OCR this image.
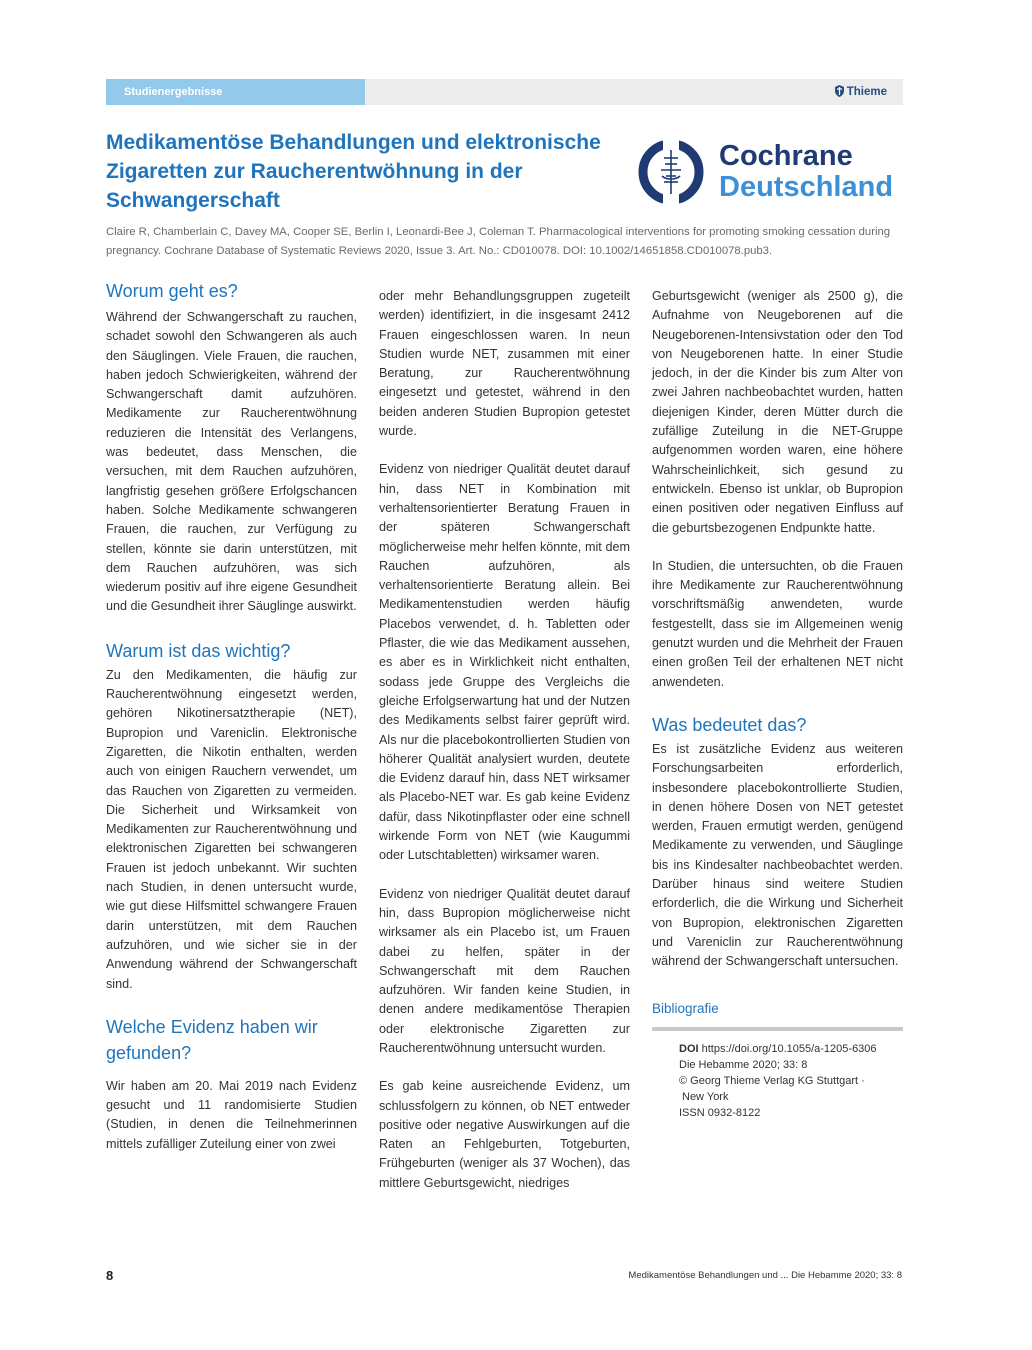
Studienergebnisse	Thieme
Medikamentöse Behandlungen und elektronische Zigaretten zur Raucherentwöhnung in der Schwangerschaft
Cochrane
Deutschland

Claire R, Chamberlain C, Davey MA, Cooper SE, Berlin I, Leonardi-Bee J, Coleman T. Pharmacological interventions for promoting smoking cessation during pregnancy. Cochrane Database of Systematic Reviews 2020, Issue 3. Art. No.: CD010078. DOI: 10.1002/14651858.CD010078.pub3.

Worum geht es?

Während der Schwangerschaft zu rauchen, schadet sowohl den Schwangeren als auch den Säuglingen. Viele Frauen, die rauchen, haben jedoch Schwierigkeiten, während der Schwangerschaft damit aufzuhören. Medikamente zur Raucherentwöhnung reduzieren die Intensität des Verlangens, was bedeutet, dass Menschen, die versuchen, mit dem Rauchen aufzuhören, langfristig gesehen größere Erfolgschancen haben. Solche Medikamente schwangeren Frauen, die rauchen, zur Verfügung zu stellen, könnte sie darin unterstützen, mit dem Rauchen aufzuhören, was sich wiederum positiv auf ihre eigene Gesundheit und die Gesundheit ihrer Säuglinge auswirkt.

Warum ist das wichtig?

Zu den Medikamenten, die häufig zur Raucherentwöhnung eingesetzt werden, gehören Nikotinersatztherapie (NET), Bupropion und Vareniclin. Elektronische Zigaretten, die Nikotin enthalten, werden auch von einigen Rauchern verwendet, um das Rauchen von Zigaretten zu vermeiden. Die Sicherheit und Wirksamkeit von Medikamenten zur Raucherentwöhnung und elektronischen Zigaretten bei schwangeren Frauen ist jedoch unbekannt. Wir suchten nach Studien, in denen untersucht wurde, wie gut diese Hilfsmittel schwangere Frauen darin unterstützen, mit dem Rauchen aufzuhören, und wie sicher sie in der Anwendung während der Schwangerschaft sind.

Welche Evidenz haben wir gefunden?

Wir haben am 20. Mai 2019 nach Evidenz gesucht und 11 randomisierte Studien (Studien, in denen die Teilnehmerinnen mittels zufälliger Zuteilung einer von zwei

oder mehr Behandlungsgruppen zugeteilt werden) identifiziert, in die insgesamt 2412 Frauen eingeschlossen waren. In neun Studien wurde NET, zusammen mit einer Beratung, zur Raucherentwöhnung eingesetzt und getestet, während in den beiden anderen Studien Bupropion getestet wurde.

Evidenz von niedriger Qualität deutet darauf hin, dass NET in Kombination mit verhaltensorientierter Beratung Frauen in der späteren Schwangerschaft möglicherweise mehr helfen könnte, mit dem Rauchen aufzuhören, als verhaltensorientierte Beratung allein. Bei Medikamentenstudien werden häufig Placebos verwendet, d. h. Tabletten oder Pflaster, die wie das Medikament aussehen, es aber es in Wirklichkeit nicht enthalten, sodass jede Gruppe des Vergleichs die gleiche Erfolgserwartung hat und der Nutzen des Medikaments selbst fairer geprüft wird. Als nur die placebokontrollierten Studien von höherer Qualität analysiert wurden, deutete die Evidenz darauf hin, dass NET wirksamer als Placebo-NET war. Es gab keine Evidenz dafür, dass Nikotinpflaster oder eine schnell wirkende Form von NET (wie Kaugummi oder Lutschtabletten) wirksamer waren.

Evidenz von niedriger Qualität deutet darauf hin, dass Bupropion möglicherweise nicht wirksamer als ein Placebo ist, um Frauen dabei zu helfen, später in der Schwangerschaft mit dem Rauchen aufzuhören. Wir fanden keine Studien, in denen andere medikamentöse Therapien oder elektronische Zigaretten zur Raucherentwöhnung untersucht wurden.

Es gab keine ausreichende Evidenz, um schlussfolgern zu können, ob NET entweder positive oder negative Auswirkungen auf die Raten an Fehlgeburten, Totgeburten, Frühgeburten (weniger als 37 Wochen), das mittlere Geburtsgewicht, niedriges

Geburtsgewicht (weniger als 2500 g), die Aufnahme von Neugeborenen auf die Neugeborenen-Intensivstation oder den Tod von Neugeborenen hatte. In einer Studie jedoch, in der die Kinder bis zum Alter von zwei Jahren nachbeobachtet wurden, hatten diejenigen Kinder, deren Mütter durch die zufällige Zuteilung in die NET-Gruppe aufgenommen worden waren, eine höhere Wahrscheinlichkeit, sich gesund zu entwickeln. Ebenso ist unklar, ob Bupropion einen positiven oder negativen Einfluss auf die geburtsbezogenen Endpunkte hatte.

In Studien, die untersuchten, ob die Frauen ihre Medikamente zur Raucherentwöhnung vorschriftsmäßig anwendeten, wurde festgestellt, dass sie im Allgemeinen wenig genutzt wurden und die Mehrheit der Frauen einen großen Teil der erhaltenen NET nicht anwendeten.

Was bedeutet das?

Es ist zusätzliche Evidenz aus weiteren Forschungsarbeiten erforderlich, insbesondere placebokontrollierte Studien, in denen höhere Dosen von NET getestet werden, Frauen ermutigt werden, genügend Medikamente zu verwenden, und Säuglinge bis ins Kindesalter nachbeobachtet werden. Darüber hinaus sind weitere Studien erforderlich, die die Wirkung und Sicherheit von Bupropion, elektronischen Zigaretten und Vareniclin zur Raucherentwöhnung während der Schwangerschaft untersuchen.

Bibliografie

DOI https://doi.org/10.1055/a-1205-6306
Die Hebamme 2020; 33: 8
© Georg Thieme Verlag KG Stuttgart ·
New York
ISSN 0932-8122
8	Medikamentöse Behandlungen und ... Die Hebamme 2020; 33: 8
